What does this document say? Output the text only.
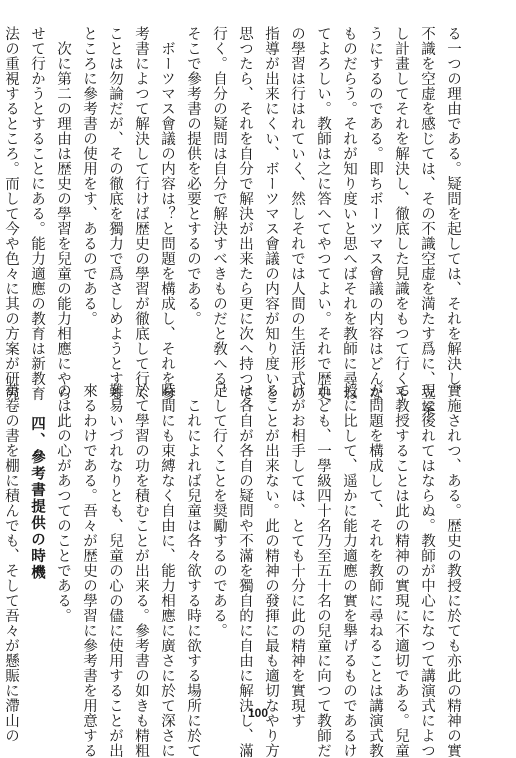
る一つの理由である。疑問を起しては、それを解決し、
不識を空虚を感じては、その不識空虚を満たす爲に、立案
し計畫してそれを解決し、徹底した見識をもつて行くや
うにするのである。即ちボーツマス會議の内容はどんな
ものだらう。それが知り度いと思へばそれを教師に尋ね
てよろしい。教師は之に答へてやつてよい。それで歴史
の學習は行はれていく、然しそれでは人間の生活形式の
指導が出来にくい、ボーツマス會議の内容が知り度いと
思つたら、それを自分で解決が出来たら更に次へ持つて
行く。自分の疑問は自分で解決すべきものだと敎へる。
そこで參考書の提供を必要とするのである。
　ボーツマス會議の内容は？と問題を構成し、それを參
考書によつて解決して行けば歴史の學習が徹底して行く
ことは勿論だが、その徹底を獨力で爲さしめようとする
ところに參考書の使用をす、あるのである。
　次に第二の理由は歴史の學習を兒童の能力相應にやら
せて行かうとすることにある。能力適應の教育は新教育
法の重視するところ。而して今や色々に其の方案が研究
實施されつ、ある。歴史の教授に於ても亦此の精神の實
現に後れてはならぬ。教師が中心になつて講演式によつ
て教授することは此の精神の實現に不適切である。兒童
が問題を構成して、それを教師に尋ねることは講演式教
授に比して、遥かに能力適應の實を擧げるものであるけ
れども、一學級四十名乃至五十名の兒童に向つて教師だ
けがお相手しては、とても十分に此の精神を實現す
ることが出来ない。此の精神の發揮に最も適切なやり方
は各自が各自の疑問や不滿を獨自的に自由に解決し、滿
足して行くことを奨勵するのである。
　これによれば兒童は各々欲する時に欲する場所に於て
時間にも束縛なく自由に、能力相應に廣さに於て深さに
於て學習の功を積むことが出来る。參考書の如きも精粗
難易いづれなりとも、兒童の心の儘に使用することが出
來るわけである。吾々が歴史の學習に參考書を用意する
のは此の心があつてのことである。
　　四、參考書提供の時機
萬卷の書を棚に積んでも、そして吾々が懸賑に滯山の	100
